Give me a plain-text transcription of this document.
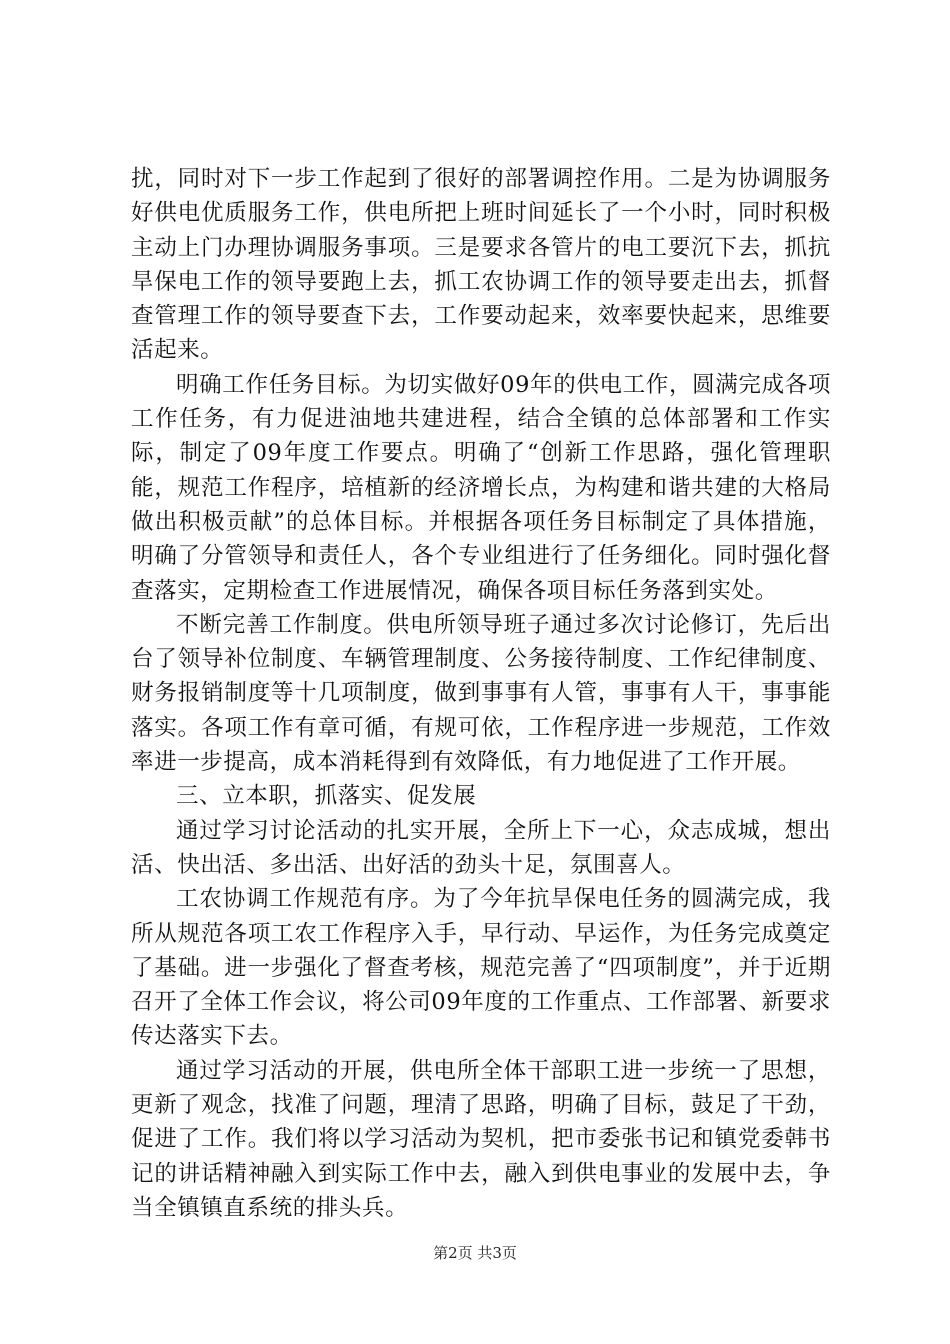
扰，同时对下一步工作起到了很好的部署调控作用。二是为协调服务好供电优质服务工作，供电所把上班时间延长了一个小时，同时积极主动上门办理协调服务事项。三是要求各管片的电工要沉下去，抓抗旱保电工作的领导要跑上去，抓工农协调工作的领导要走出去，抓督查管理工作的领导要查下去，工作要动起来，效率要快起来，思维要活起来。

明确工作任务目标。为切实做好09年的供电工作，圆满完成各项工作任务，有力促进油地共建进程，结合全镇的总体部署和工作实际，制定了09年度工作要点。明确了“创新工作思路，强化管理职能，规范工作程序，培植新的经济增长点，为构建和谐共建的大格局做出积极贡献”的总体目标。并根据各项任务目标制定了具体措施，明确了分管领导和责任人，各个专业组进行了任务细化。同时强化督查落实，定期检查工作进展情况，确保各项目标任务落到实处。

不断完善工作制度。供电所领导班子通过多次讨论修订，先后出台了领导补位制度、车辆管理制度、公务接待制度、工作纪律制度、财务报销制度等十几项制度，做到事事有人管，事事有人干，事事能落实。各项工作有章可循，有规可依，工作程序进一步规范，工作效率进一步提高，成本消耗得到有效降低，有力地促进了工作开展。

三、立本职，抓落实、促发展

通过学习讨论活动的扎实开展，全所上下一心，众志成城，想出活、快出活、多出活、出好活的劲头十足，氛围喜人。

工农协调工作规范有序。为了今年抗旱保电任务的圆满完成，我所从规范各项工农工作程序入手，早行动、早运作，为任务完成奠定了基础。进一步强化了督查考核，规范完善了“四项制度”，并于近期召开了全体工作会议，将公司09年度的工作重点、工作部署、新要求传达落实下去。

通过学习活动的开展，供电所全体干部职工进一步统一了思想，更新了观念，找准了问题，理清了思路，明确了目标，鼓足了干劲，促进了工作。我们将以学习活动为契机，把市委张书记和镇党委韩书记的讲话精神融入到实际工作中去，融入到供电事业的发展中去，争当全镇镇直系统的排头兵。

第2页 共3页
